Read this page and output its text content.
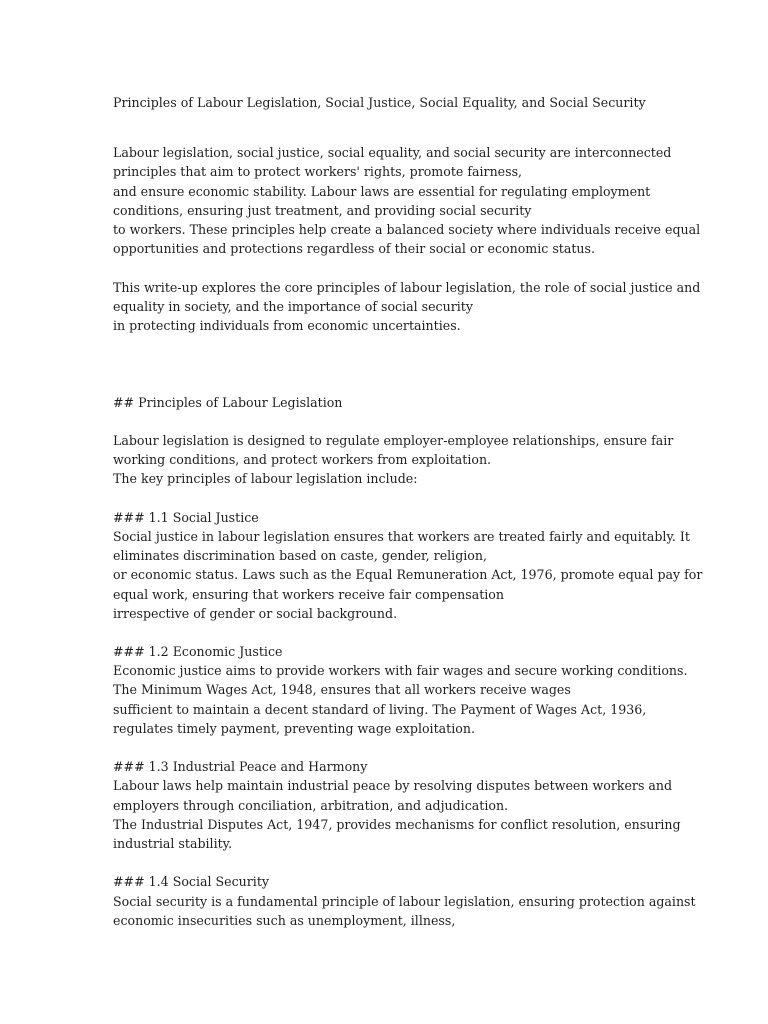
Principles of Labour Legislation, Social Justice, Social Equality, and Social Security
Labour legislation, social justice, social equality, and social security are interconnected
principles that aim to protect workers' rights, promote fairness,
and ensure economic stability. Labour laws are essential for regulating employment
conditions, ensuring just treatment, and providing social security
to workers. These principles help create a balanced society where individuals receive equal
opportunities and protections regardless of their social or economic status.
This write-up explores the core principles of labour legislation, the role of social justice and
equality in society, and the importance of social security
in protecting individuals from economic uncertainties.
## Principles of Labour Legislation
Labour legislation is designed to regulate employer-employee relationships, ensure fair
working conditions, and protect workers from exploitation.
The key principles of labour legislation include:
### 1.1 Social Justice
Social justice in labour legislation ensures that workers are treated fairly and equitably. It
eliminates discrimination based on caste, gender, religion,
or economic status. Laws such as the Equal Remuneration Act, 1976, promote equal pay for
equal work, ensuring that workers receive fair compensation
irrespective of gender or social background.
### 1.2 Economic Justice
Economic justice aims to provide workers with fair wages and secure working conditions.
The Minimum Wages Act, 1948, ensures that all workers receive wages
sufficient to maintain a decent standard of living. The Payment of Wages Act, 1936,
regulates timely payment, preventing wage exploitation.
### 1.3 Industrial Peace and Harmony
Labour laws help maintain industrial peace by resolving disputes between workers and
employers through conciliation, arbitration, and adjudication.
The Industrial Disputes Act, 1947, provides mechanisms for conflict resolution, ensuring
industrial stability.
### 1.4 Social Security
Social security is a fundamental principle of labour legislation, ensuring protection against
economic insecurities such as unemployment, illness,
